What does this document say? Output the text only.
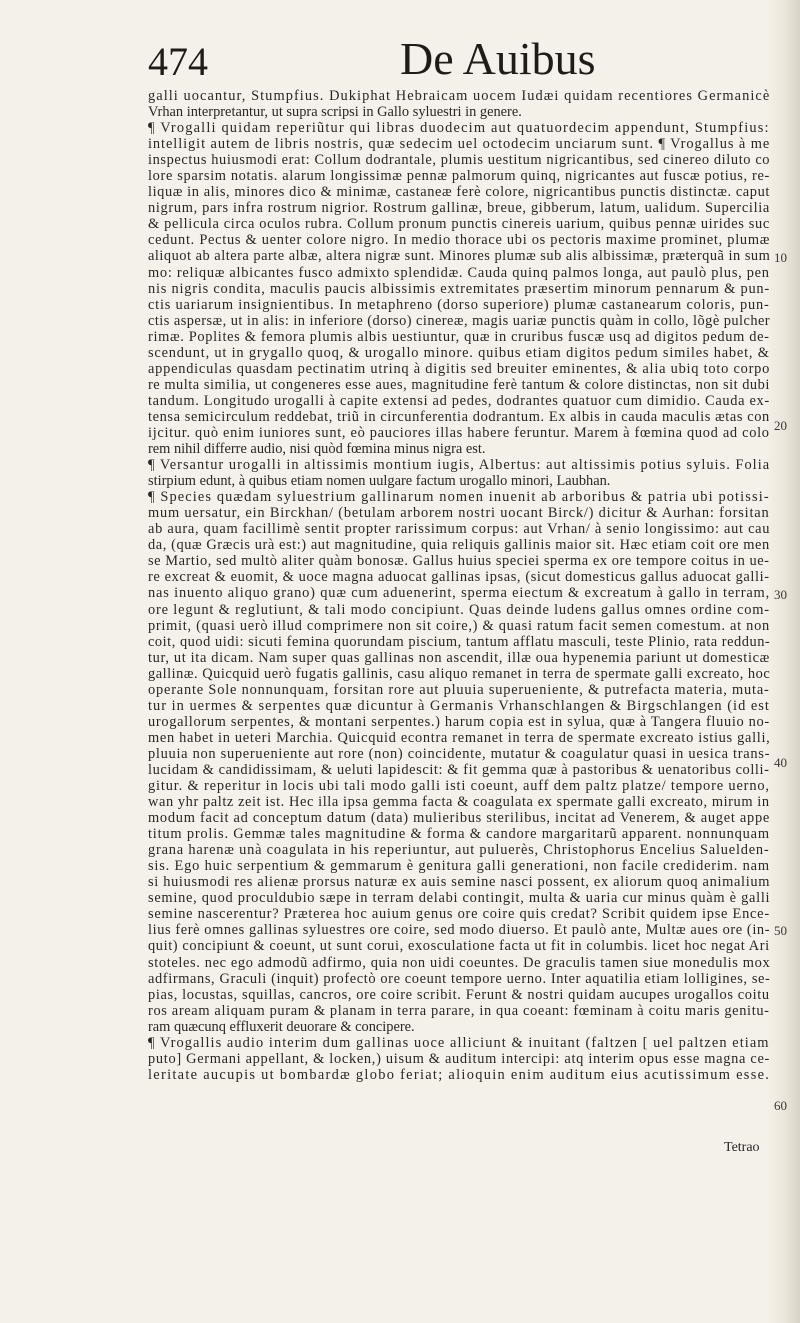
474	De Auibus
galli uocantur, Stumpfius. Dukiphat Hebraicam uocem Iudæi quidam recentiores Germanicè
Vrhan interpretantur, ut supra scripsi in Gallo syluestri in genere.
¶ Vrogalli quidam reperiũtur qui libras duodecim aut quatuordecim appendunt, Stumpfius:
intelligit autem de libris nostris, quæ sedecim uel octodecim unciarum sunt. ¶ Vrogallus à me
inspectus huiusmodi erat: Collum dodrantale, plumis uestitum nigricantibus, sed cinereo diluto co
lore sparsim notatis. alarum longissimæ pennæ palmorum quinq, nigricantes aut fuscæ potius, re-
liquæ in alis, minores dico & minimæ, castaneæ ferè colore, nigricantibus punctis distinctæ. caput
nigrum, pars infra rostrum nigrior. Rostrum gallinæ, breue, gibberum, latum, ualidum. Supercilia
& pellicula circa oculos rubra. Collum pronum punctis cinereis uarium, quibus pennæ uirides suc
cedunt. Pectus & uenter colore nigro. In medio thorace ubi os pectoris maxime prominet, plumæ
aliquot ab altera parte albæ, altera nigræ sunt. Minores plumæ sub alis albissimæ, præterquã in sum
mo: reliquæ albicantes fusco admixto splendidæ. Cauda quinq palmos longa, aut paulò plus, pen
nis nigris condita, maculis paucis albissimis extremitates præsertim minorum pennarum & pun-
ctis uariarum insignientibus. In metaphreno (dorso superiore) plumæ castanearum coloris, pun-
ctis aspersæ, ut in alis: in inferiore (dorso) cinereæ, magis uariæ punctis quàm in collo, lõgè pulcher
rimæ. Poplites & femora plumis albis uestiuntur, quæ in cruribus fuscæ usq ad digitos pedum de-
scendunt, ut in grygallo quoq, & urogallo minore. quibus etiam digitos pedum similes habet, &
appendiculas quasdam pectinatim utrinq à digitis sed breuiter eminentes, & alia ubiq toto corpo
re multa similia, ut congeneres esse aues, magnitudine ferè tantum & colore distinctas, non sit dubi
tandum. Longitudo urogalli à capite extensi ad pedes, dodrantes quatuor cum dimidio. Cauda ex-
tensa semicirculum reddebat, triũ in circunferentia dodrantum. Ex albis in cauda maculis ætas con
ijcitur. quò enim iuniores sunt, eò pauciores illas habere feruntur. Marem à fœmina quod ad colo
rem nihil differre audio, nisi quòd fœmina minus nigra est.
¶ Versantur urogalli in altissimis montium iugis, Albertus: aut altissimis potius syluis. Folia
stirpium edunt, à quibus etiam nomen uulgare factum urogallo minori, Laubhan.
¶ Species quædam syluestrium gallinarum nomen inuenit ab arboribus & patria ubi potissi-
mum uersatur, ein Birckhan/ (betulam arborem nostri uocant Birck/) dicitur & Aurhan: forsitan
ab aura, quam facillimè sentit propter rarissimum corpus: aut Vrhan/ à senio longissimo: aut cau
da, (quæ Græcis urà est:) aut magnitudine, quia reliquis gallinis maior sit. Hæc etiam coit ore men
se Martio, sed multò aliter quàm bonosæ. Gallus huius speciei sperma ex ore tempore coitus in ue-
re excreat & euomit, & uoce magna aduocat gallinas ipsas, (sicut domesticus gallus aduocat galli-
nas inuento aliquo grano) quæ cum aduenerint, sperma eiectum & excreatum à gallo in terram,
ore legunt & reglutiunt, & tali modo concipiunt. Quas deinde ludens gallus omnes ordine com-
primit, (quasi uerò illud comprimere non sit coire,) & quasi ratum facit semen comestum. at non
coit, quod uidi: sicuti femina quorundam piscium, tantum afflatu masculi, teste Plinio, rata reddun-
tur, ut ita dicam. Nam super quas gallinas non ascendit, illæ oua hypenemia pariunt ut domesticæ
gallinæ. Quicquid uerò fugatis gallinis, casu aliquo remanet in terra de spermate galli excreato, hoc
operante Sole nonnunquam, forsitan rore aut pluuia superueniente, & putrefacta materia, muta-
tur in uermes & serpentes quæ dicuntur à Germanis Vrhanschlangen & Birgschlangen (id est
urogallorum serpentes, & montani serpentes.) harum copia est in sylua, quæ à Tangera fluuio no-
men habet in ueteri Marchia. Quicquid econtra remanet in terra de spermate excreato istius galli,
pluuia non superueniente aut rore (non) coincidente, mutatur & coagulatur quasi in uesica trans-
lucidam & candidissimam, & ueluti lapidescit: & fit gemma quæ à pastoribus & uenatoribus colli-
gitur. & reperitur in locis ubi tali modo galli isti coeunt, auff dem paltz platze/ tempore uerno,
wan yhr paltz zeit ist. Hec illa ipsa gemma facta & coagulata ex spermate galli excreato, mirum in
modum facit ad conceptum datum (data) mulieribus sterilibus, incitat ad Venerem, & auget appe
titum prolis. Gemmæ tales magnitudine & forma & candore margaritarũ apparent. nonnunquam
grana harenæ unà coagulata in his reperiuntur, aut puluerès, Christophorus Encelius Saluelden-
sis. Ego huic serpentium & gemmarum è genitura galli generationi, non facile crediderim. nam
si huiusmodi res alienæ prorsus naturæ ex auis semine nasci possent, ex aliorum quoq animalium
semine, quod proculdubio sæpe in terram delabi contingit, multa & uaria cur minus quàm è galli
semine nascerentur? Præterea hoc auium genus ore coire quis credat? Scribit quidem ipse Ence-
lius ferè omnes gallinas syluestres ore coire, sed modo diuerso. Et paulò ante, Multæ aues ore (in-
quit) concipiunt & coeunt, ut sunt corui, exosculatione facta ut fit in columbis. licet hoc negat Ari
stoteles. nec ego admodũ adfirmo, quia non uidi coeuntes. De graculis tamen siue monedulis mox
adfirmans, Graculi (inquit) profectò ore coeunt tempore uerno. Inter aquatilia etiam lolligines, se-
pias, locustas, squillas, cancros, ore coire scribit. Ferunt & nostri quidam aucupes urogallos coitu
ros aream aliquam puram & planam in terra parare, in qua coeant: fœminam à coitu maris genitu-
ram quæcunq effluxerit deuorare & concipere.
¶ Vrogallis audio interim dum gallinas uoce alliciunt & inuitant (faltzen [ uel paltzen etiam
puto] Germani appellant, & locken,) uisum & auditum intercipi: atq interim opus esse magna ce-
leritate aucupis ut bombardæ globo feriat; alioquin enim auditum eius acutissimum esse.
10
20
30
40
50
60
Tetrao
